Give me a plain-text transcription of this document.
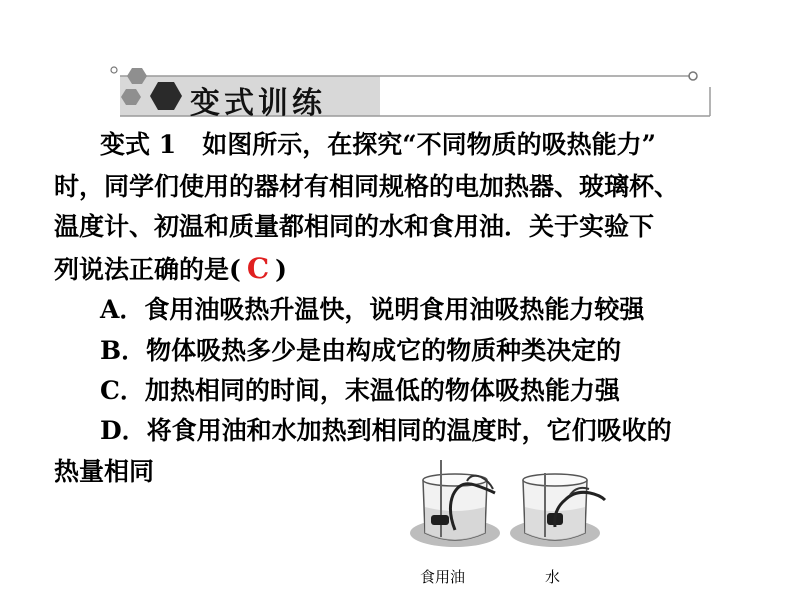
变式训练
变式 1 如图所示，在探究“不同物质的吸热能力”
时，同学们使用的器材有相同规格的电加热器、玻璃杯、
温度计、初温和质量都相同的水和食用油．关于实验下
列说法正确的是( C )
A．食用油吸热升温快，说明食用油吸热能力较强
B．物体吸热多少是由构成它的物质种类决定的
C．加热相同的时间，末温低的物体吸热能力强
D．将食用油和水加热到相同的温度时，它们吸收的
热量相同
食用油	水
